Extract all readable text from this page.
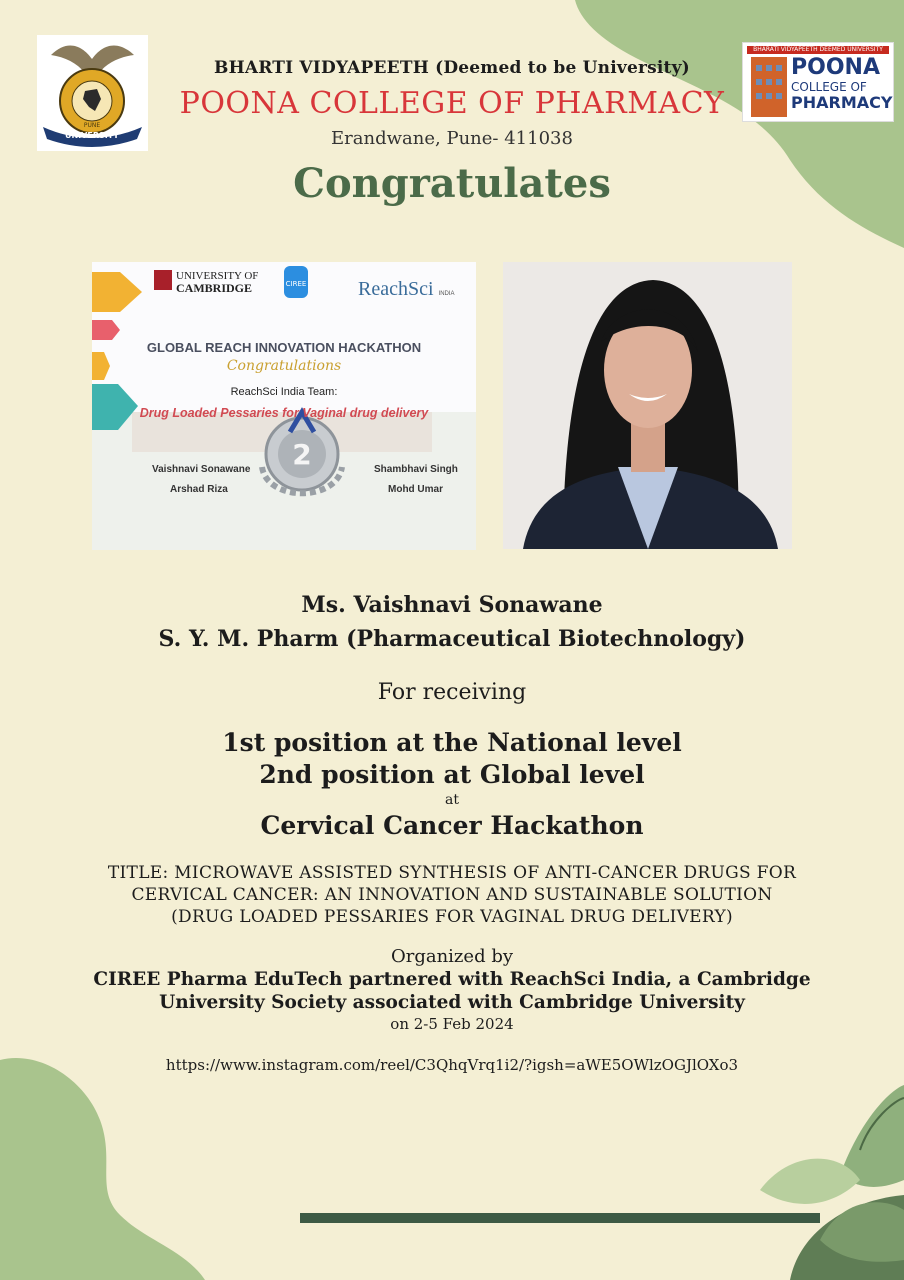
UNIVERSITY
PUNE
BHARATI VIDYAPEETH DEEMED UNIVERSITY
POONA
COLLEGE OF
PHARMACY
BHARTI VIDYAPEETH (Deemed to be University)
POONA COLLEGE OF PHARMACY
Erandwane, Pune- 411038
Congratulates
CIREE
2
UNIVERSITY OF
CAMBRIDGE	ReachSci INDIA
GLOBAL REACH INNOVATION HACKATHON
Congratulations
ReachSci India Team:
Drug Loaded Pessaries for Vaginal drug delivery
Vaishnavi Sonawane
Arshad Riza
Shambhavi Singh
Mohd Umar
Ms. Vaishnavi Sonawane
S. Y. M. Pharm (Pharmaceutical Biotechnology)
For receiving
1st position at the National level
2nd position at Global level
at
Cervical Cancer Hackathon
TITLE: MICROWAVE ASSISTED SYNTHESIS OF ANTI-CANCER DRUGS FOR
CERVICAL CANCER: AN INNOVATION AND SUSTAINABLE SOLUTION
(DRUG LOADED PESSARIES FOR VAGINAL DRUG DELIVERY)
Organized by
CIREE Pharma EduTech partnered with ReachSci India, a Cambridge
University Society associated with Cambridge University
on 2-5 Feb 2024
https://www.instagram.com/reel/C3QhqVrq1i2/?igsh=aWE5OWlzOGJlOXo3
